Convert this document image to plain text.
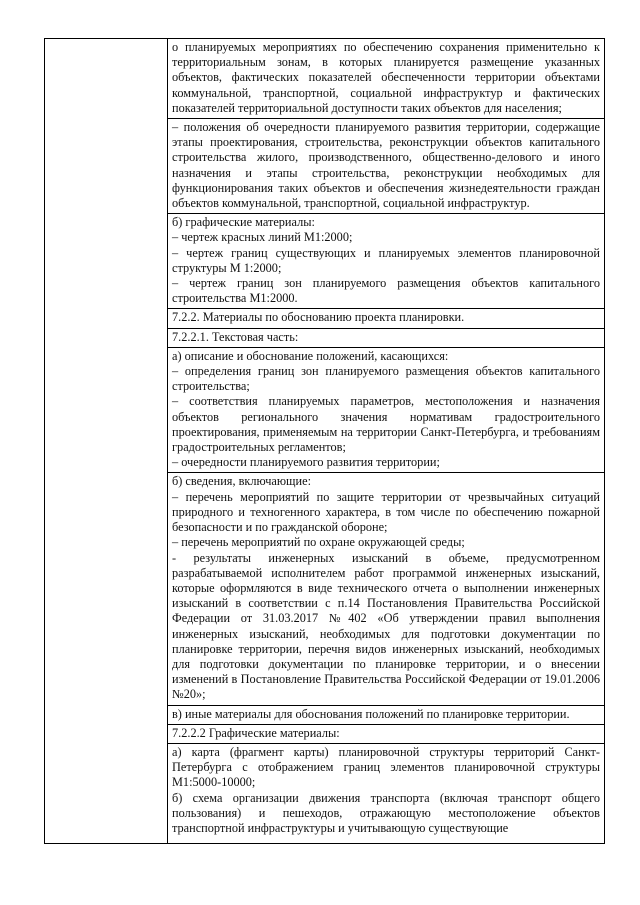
о планируемых мероприятиях по обеспечению сохранения применительно к территориальным зонам, в которых планируется размещение указанных объектов, фактических показателей обеспеченности территории объектами коммунальной, транспортной, социальной инфраструктур и фактических показателей территориальной доступности таких объектов для населения;

– положения об очередности планируемого развития территории, содержащие этапы проектирования, строительства, реконструкции объектов капитального строительства жилого, производственного, общественно-делового и иного назначения и этапы строительства, реконструкции необходимых для функционирования таких объектов и обеспечения жизнедеятельности граждан объектов коммунальной, транспортной, социальной инфраструктур.

б) графические материалы:

– чертеж красных линий М1:2000;

– чертеж границ существующих и планируемых элементов планировочной структуры М 1:2000;

– чертеж границ зон планируемого размещения объектов капитального строительства М1:2000.

7.2.2. Материалы по обоснованию проекта планировки.

7.2.2.1. Текстовая часть:

а) описание и обоснование положений, касающихся:

– определения границ зон планируемого размещения объектов капитального строительства;

– соответствия планируемых параметров, местоположения и назначения объектов регионального значения нормативам градостроительного проектирования, применяемым на территории Санкт-Петербурга, и требованиям градостроительных регламентов;

– очередности планируемого развития территории;

б) сведения, включающие:

– перечень мероприятий по защите территории от чрезвычайных ситуаций природного и техногенного характера, в том числе по обеспечению пожарной безопасности и по гражданской обороне;

– перечень мероприятий по охране окружающей среды;

- результаты инженерных изысканий в объеме, предусмотренном разрабатываемой исполнителем работ программой инженерных изысканий, которые оформляются в виде технического отчета о выполнении инженерных изысканий в соответствии с п.14 Постановления Правительства Российской Федерации от 31.03.2017 №402 «Об утверждении правил выполнения инженерных изысканий, необходимых для подготовки документации по планировке территории, перечня видов инженерных изысканий, необходимых для подготовки документации по планировке территории, и о внесении изменений в Постановление Правительства Российской Федерации от 19.01.2006 №20»;

в) иные материалы для обоснования положений по планировке территории.

7.2.2.2 Графические материалы:

а) карта (фрагмент карты) планировочной структуры территорий Санкт-Петербурга с отображением границ элементов планировочной структуры М1:5000-10000;

б) схема организации движения транспорта (включая транспорт общего пользования) и пешеходов, отражающую местоположение объектов транспортной инфраструктуры и учитывающую существующие
